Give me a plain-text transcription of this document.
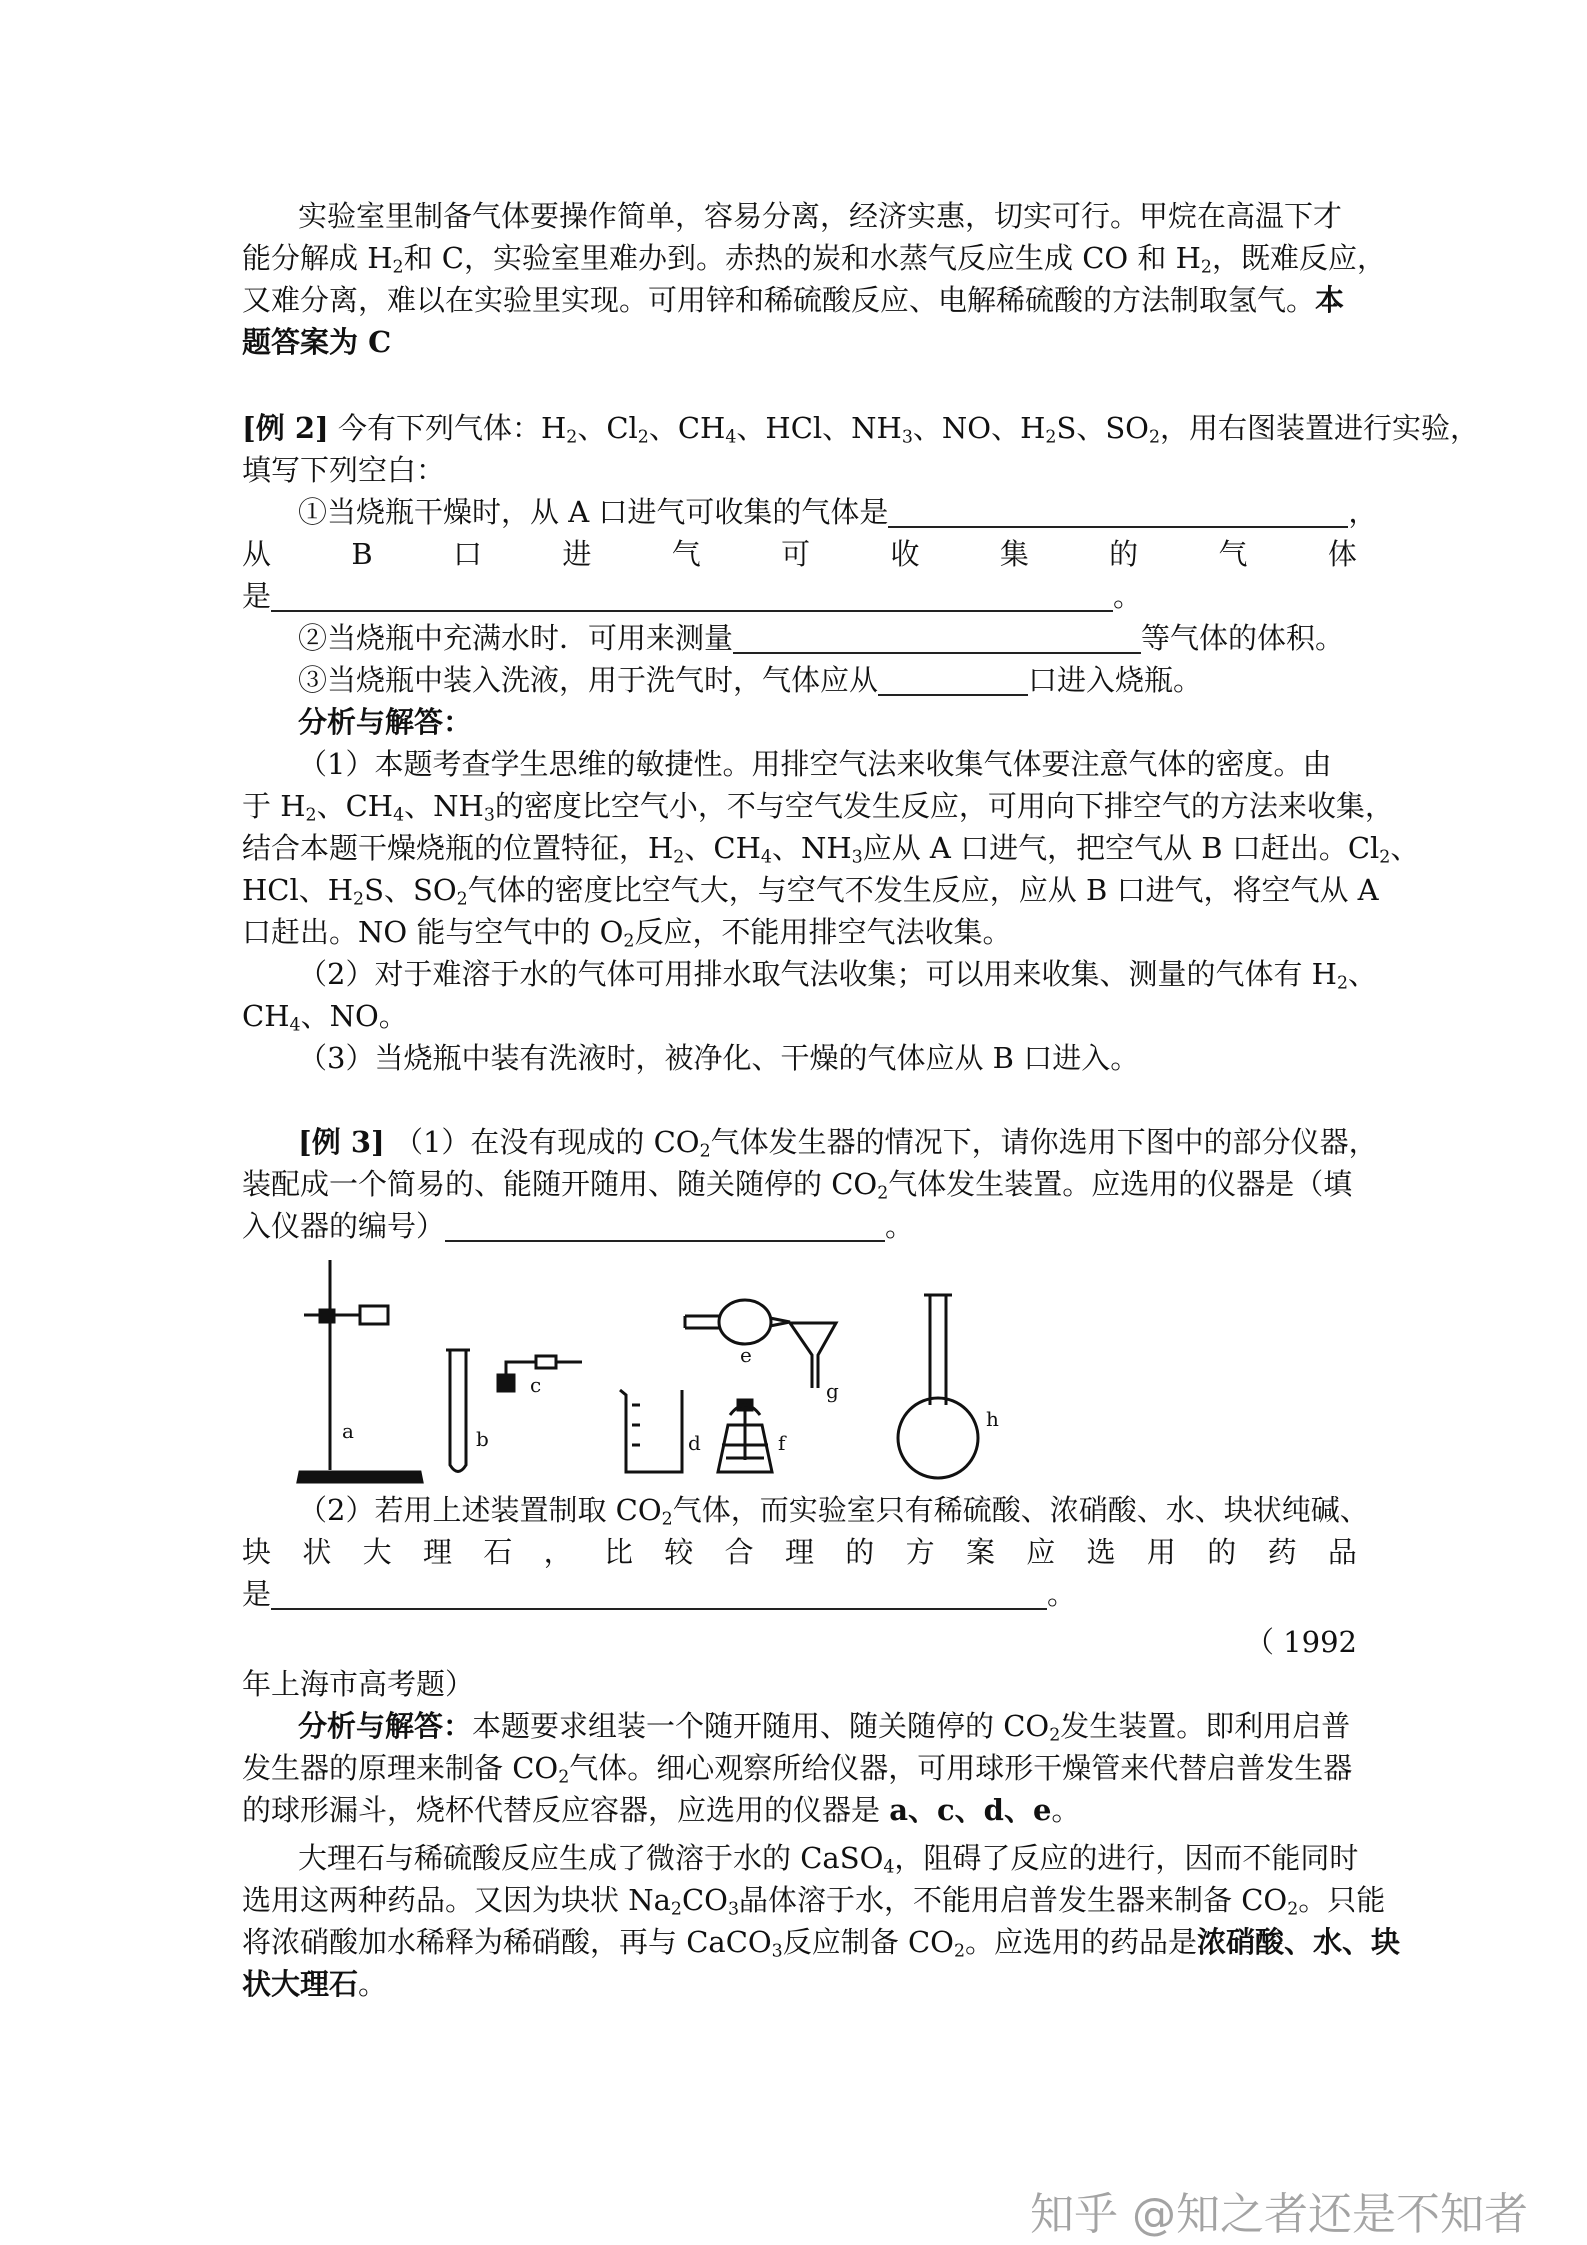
实验室里制备气体要操作简单，容易分离，经济实惠，切实可行。甲烷在高温下才
能分解成 $H_2$和 C，实验室里难办到。赤热的炭和水蒸气反应生成 CO 和 $H_2$，既难反应，
又难分离，难以在实验里实现。可用锌和稀硫酸反应、电解稀硫酸的方法制取氢气。本
题答案为 C
[例 2] 今有下列气体：$H_2$、$Cl_2$、$CH_4$、HCl、$NH_3$、NO、$H_2S$、$SO_2$，用右图装置进行实验，
填写下列空白：
①当烧瓶干燥时，从 A 口进气可收集的气体是	，
从	B	口	进	气	可	收	集	的	气	体
是	。
②当烧瓶中充满水时．可用来测量	等气体的体积。
③当烧瓶中装入洗液，用于洗气时，气体应从	口进入烧瓶。
分析与解答：
（1）本题考查学生思维的敏捷性。用排空气法来收集气体要注意气体的密度。由
于 $H_2$、$CH_4$、$NH_3$的密度比空气小，不与空气发生反应，可用向下排空气的方法来收集，
结合本题干燥烧瓶的位置特征，$H_2$、$CH_4$、$NH_3$应从 A 口进气，把空气从 B 口赶出。$Cl_2$、
HCl、$H_2S$、$SO_2$气体的密度比空气大，与空气不发生反应，应从 B 口进气，将空气从 A
口赶出。NO 能与空气中的 $O_2$反应，不能用排空气法收集。
（2）对于难溶于水的气体可用排水取气法收集；可以用来收集、测量的气体有 $H_2$、
$CH_4$、NO。
（3）当烧瓶中装有洗液时，被净化、干燥的气体应从 B 口进入。
[例 3] （1）在没有现成的 $CO_2$气体发生器的情况下，请你选用下图中的部分仪器，
装配成一个简易的、能随开随用、随关随停的 $CO_2$气体发生装置。应选用的仪器是（填
入仪器的编号）	。
a	b
c
d
e
f
g
h
（2）若用上述装置制取 $CO_2$气体，而实验室只有稀硫酸、浓硝酸、水、块状纯碱、
块 状 大 理 石 ， 比 较 合 理 的 方 案 应 选 用 的 药 品
是	。
（ 1992
年上海市高考题）
分析与解答：本题要求组装一个随开随用、随关随停的 $CO_2$发生装置。即利用启普
发生器的原理来制备 $CO_2$气体。细心观察所给仪器，可用球形干燥管来代替启普发生器
的球形漏斗，烧杯代替反应容器，应选用的仪器是 a、c、d、e。
大理石与稀硫酸反应生成了微溶于水的 CaSO$_4$，阻碍了反应的进行，因而不能同时
选用这两种药品。又因为块状 $Na_2CO_3$晶体溶于水，不能用启普发生器来制备 $CO_2$。只能
将浓硝酸加水稀释为稀硝酸，再与 CaCO$_3$反应制备 $CO_2$。应选用的药品是浓硝酸、水、块
状大理石。
知乎 @知之者还是不知者
